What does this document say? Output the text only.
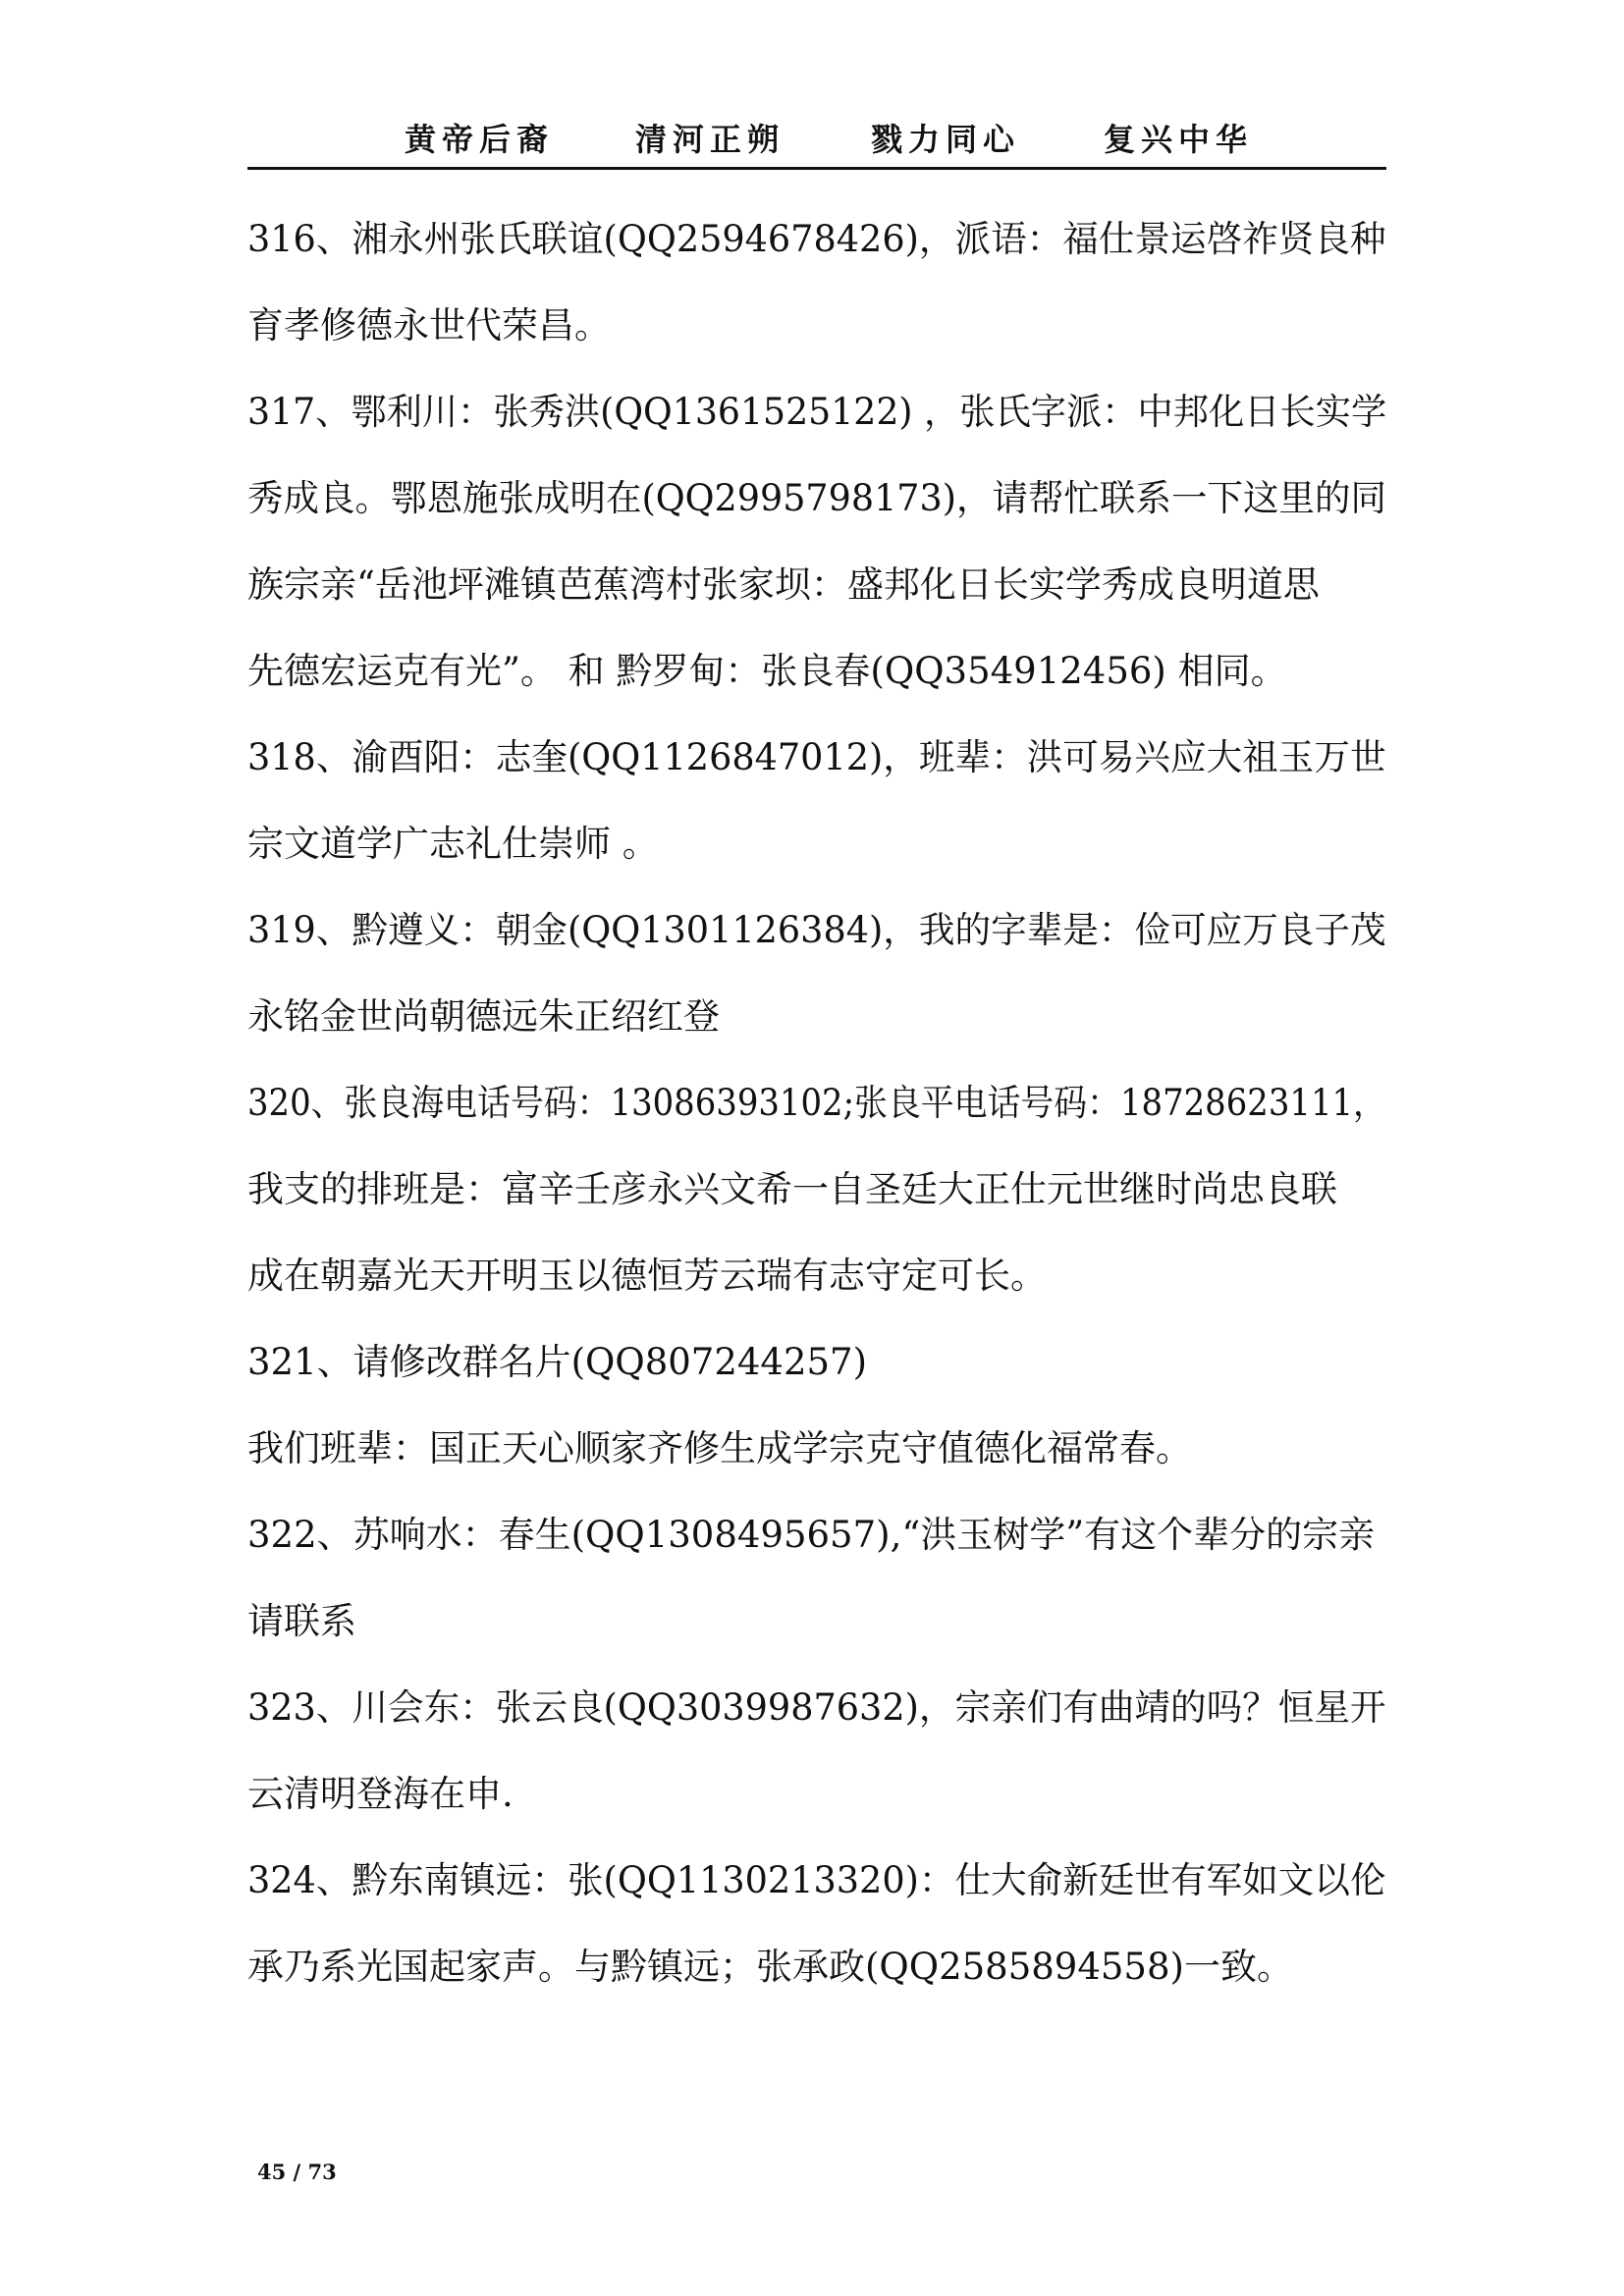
黄帝后裔	清河正朔	戮力同心	复兴中华
316、湘永州张氏联谊(QQ2594678426)，派语：福仕景运啓祚贤良种
育孝修德永世代荣昌。
317、鄂利川：张秀洪(QQ1361525122) ，张氏字派：中邦化日长实学
秀成良。鄂恩施张成明在(QQ2995798173)，请帮忙联系一下这里的同
族宗亲“岳池坪滩镇芭蕉湾村张家坝：盛邦化日长实学秀成良明道思
先德宏运克有光”。 和 黔罗甸：张良春(QQ354912456) 相同。
318、渝酉阳：志奎(QQ1126847012)，班辈：洪可易兴应大祖玉万世
宗文道学广志礼仕崇师 。
319、黔遵义：朝金(QQ1301126384)，我的字辈是：俭可应万良子茂
永铭金世尚朝德远朱正绍红登
320、张良海电话号码：13086393102;张良平电话号码：18728623111，
我支的排班是：富辛壬彦永兴文希一自圣廷大正仕元世继时尚忠良联
成在朝嘉光天开明玉以德恒芳云瑞有志守定可长。
321、请修改群名片(QQ807244257)
我们班辈：国正天心顺家齐修生成学宗克守值德化福常春。
322、苏响水：春生(QQ1308495657),“洪玉树学”有这个辈分的宗亲
请联系
323、川会东：张云良(QQ3039987632)，宗亲们有曲靖的吗？恒星开
云清明登海在申.
324、黔东南镇远：张(QQ1130213320)：仕大俞新廷世有军如文以伦
承乃系光国起家声。与黔镇远；张承政(QQ2585894558)一致。
45 / 73
